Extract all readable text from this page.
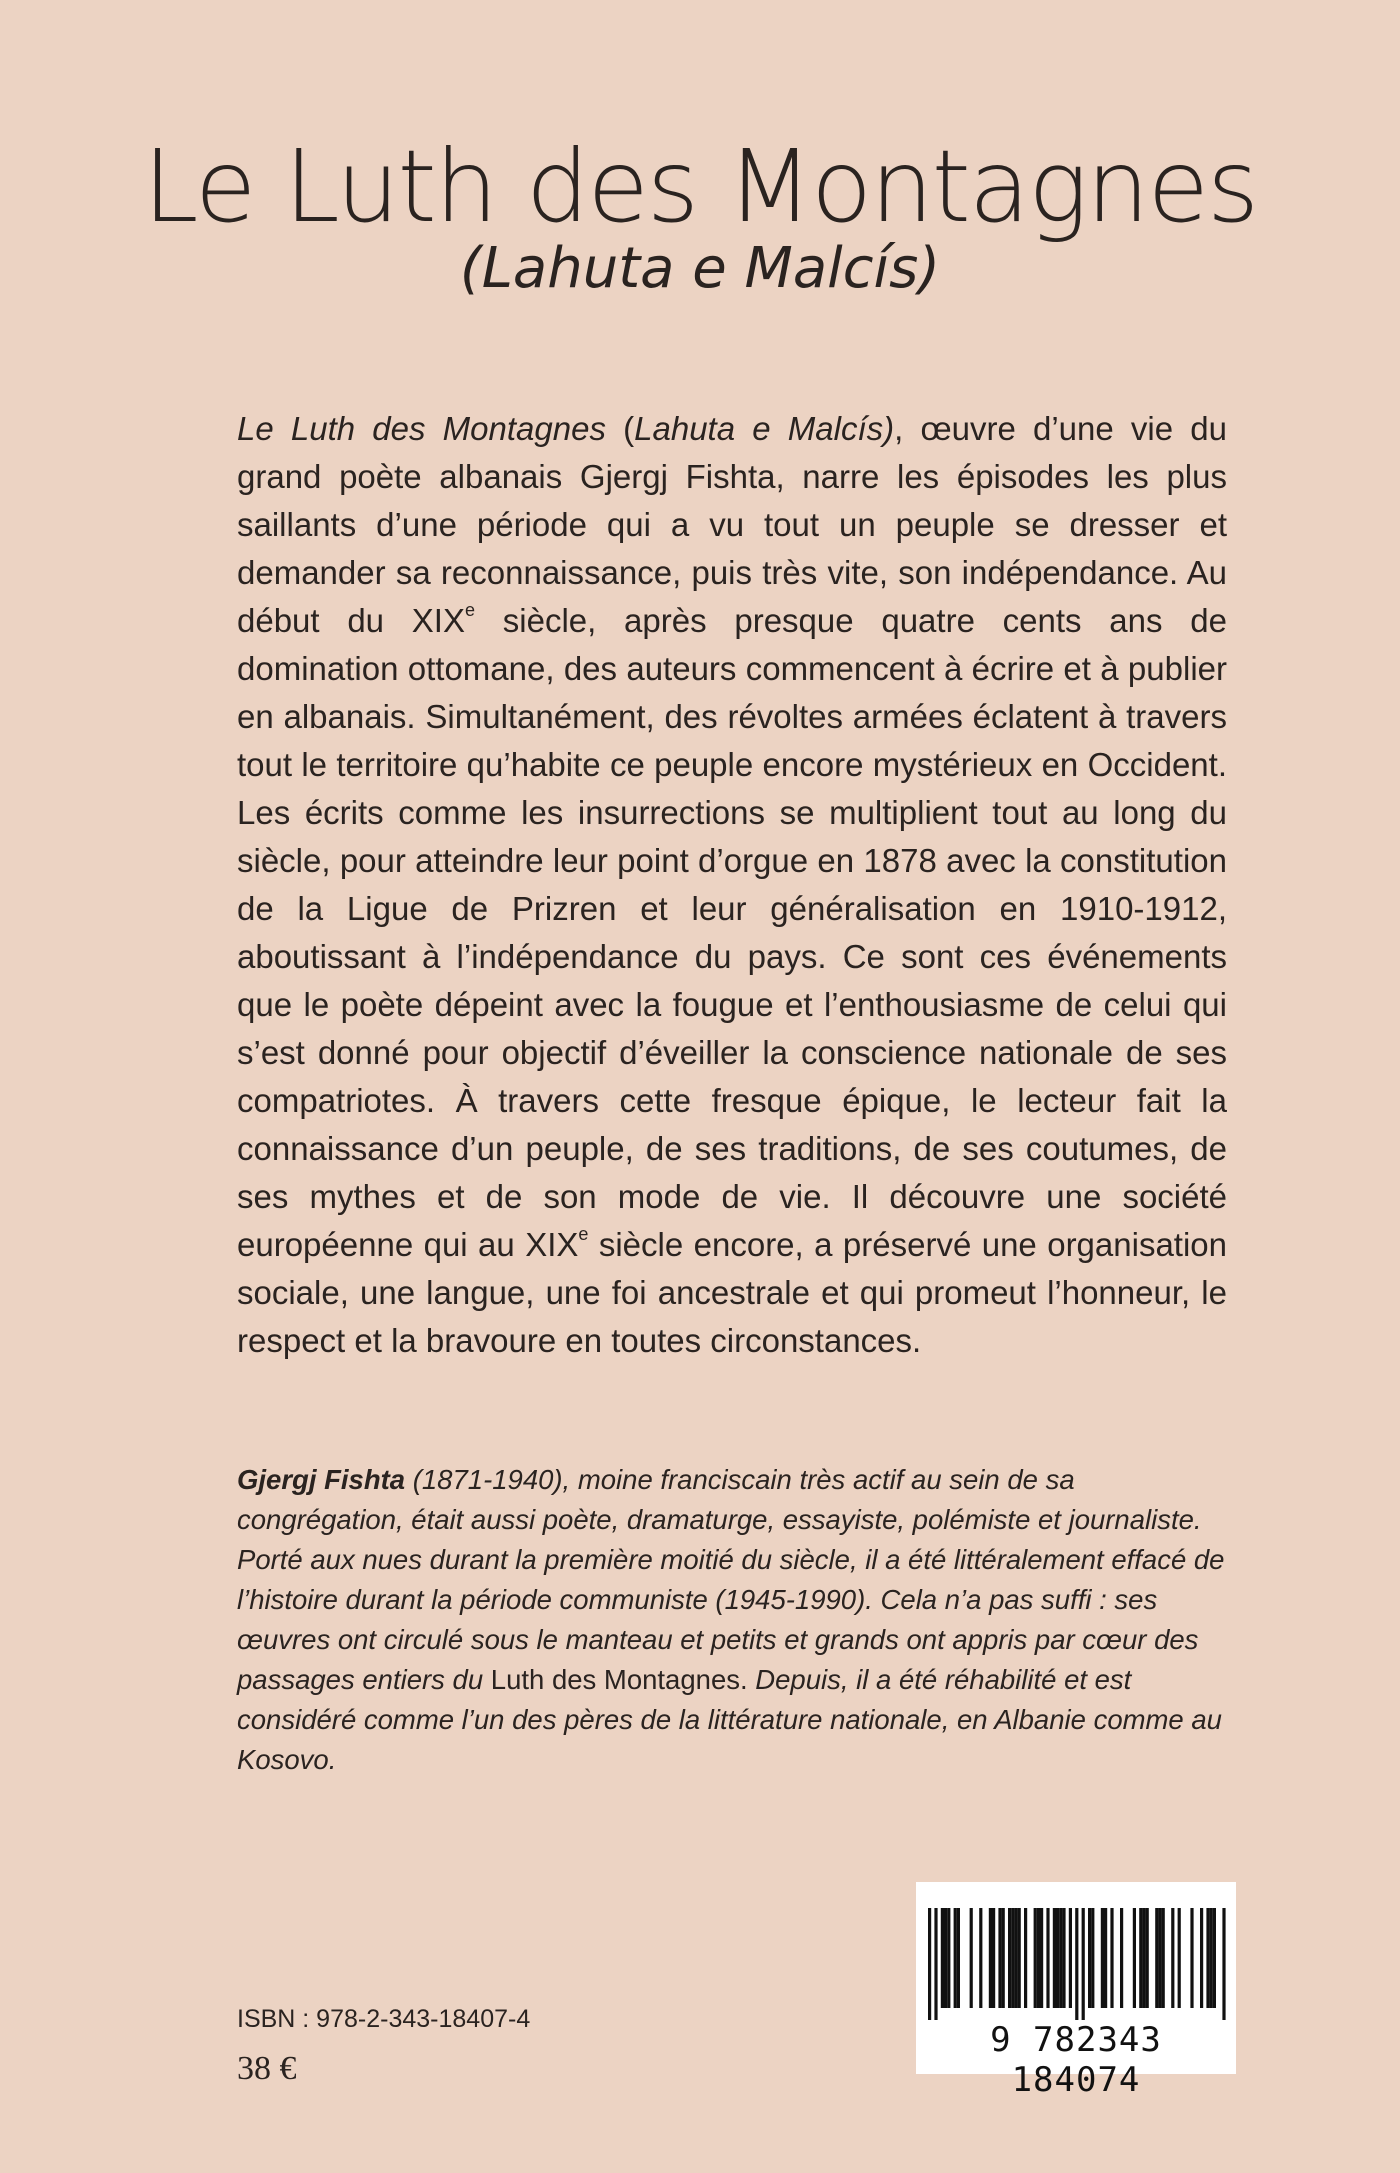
Le Luth des Montagnes
(Lahuta e Malcís)

Le Luth des Montagnes (Lahuta e Malcís), œuvre d’une vie du grand poète albanais Gjergj Fishta, narre les épisodes les plus saillants d’une période qui a vu tout un peuple se dresser et demander sa reconnaissance, puis très vite, son indépendance. Au début du XIXe siècle, après presque quatre cents ans de domination ottomane, des auteurs commencent à écrire et à publier en albanais. Simultanément, des révoltes armées éclatent à travers tout le territoire qu’habite ce peuple encore mystérieux en Occident. Les écrits comme les insurrections se multiplient tout au long du siècle, pour atteindre leur point d’orgue en 1878 avec la constitution de la Ligue de Prizren et leur généralisation en 1910-1912, aboutissant à l’indépendance du pays. Ce sont ces événements que le poète dépeint avec la fougue et l’enthousiasme de celui qui s’est donné pour objectif d’éveiller la conscience nationale de ses compatriotes. À travers cette fresque épique, le lecteur fait la connaissance d’un peuple, de ses traditions, de ses coutumes, de ses mythes et de son mode de vie. Il découvre une société européenne qui au XIXe siècle encore, a préservé une organisation sociale, une langue, une foi ancestrale et qui promeut l’honneur, le respect et la bravoure en toutes circonstances.

Gjergj Fishta (1871-1940), moine franciscain très actif au sein de sa congrégation, était aussi poète, dramaturge, essayiste, polémiste et journaliste. Porté aux nues durant la première moitié du siècle, il a été littéralement effacé de l’histoire durant la période communiste (1945-1990). Cela n’a pas suffi : ses œuvres ont circulé sous le manteau et petits et grands ont appris par cœur des passages entiers du Luth des Montagnes. Depuis, il a été réhabilité et est considéré comme l’un des pères de la littérature nationale, en Albanie comme au Kosovo.
ISBN : 978-2-343-18407-4
38 €
9 782343 184074
